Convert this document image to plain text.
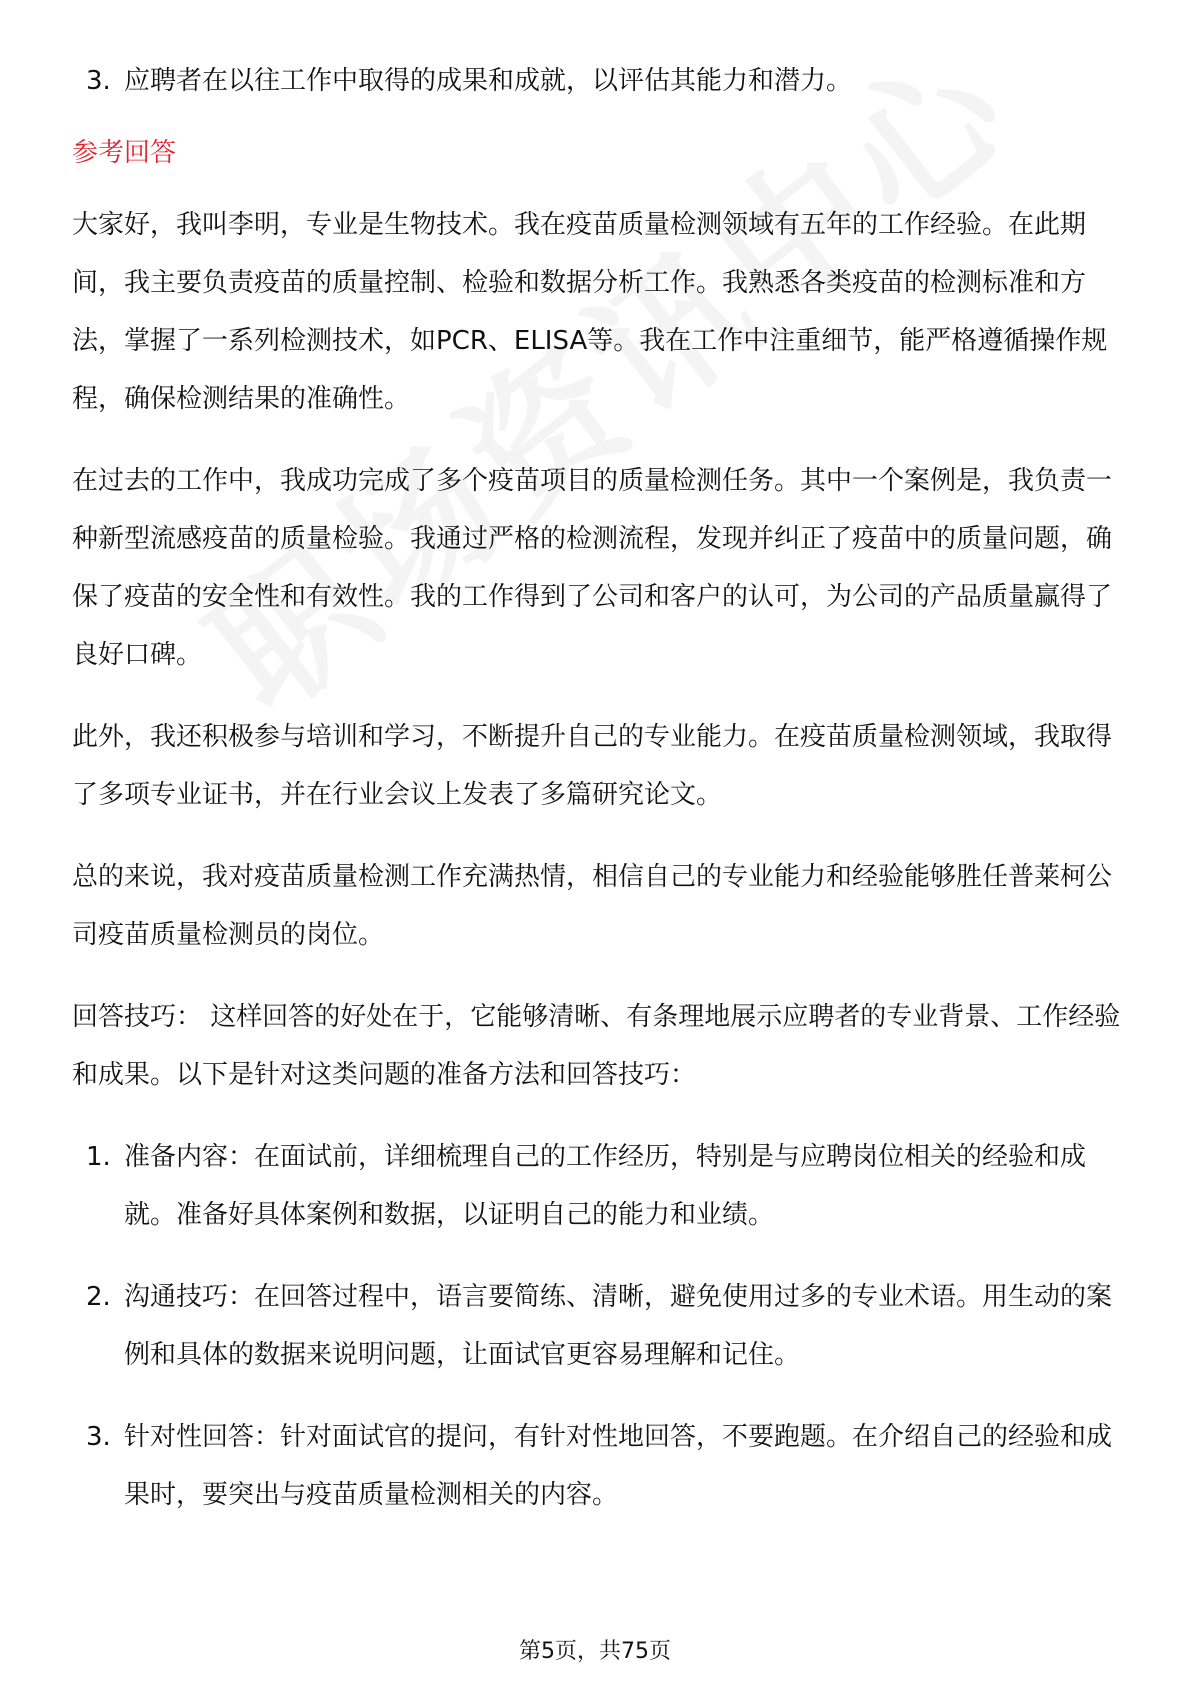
3. 应聘者在以往工作中取得的成果和成就，以评估其能力和潜力。

参考回答

大家好，我叫李明，专业是生物技术。我在疫苗质量检测领域有五年的工作经验。在此期间，我主要负责疫苗的质量控制、检验和数据分析工作。我熟悉各类疫苗的检测标准和方法，掌握了一系列检测技术，如PCR、ELISA等。我在工作中注重细节，能严格遵循操作规程，确保检测结果的准确性。

在过去的工作中，我成功完成了多个疫苗项目的质量检测任务。其中一个案例是，我负责一种新型流感疫苗的质量检验。我通过严格的检测流程，发现并纠正了疫苗中的质量问题，确保了疫苗的安全性和有效性。我的工作得到了公司和客户的认可，为公司的产品质量赢得了良好口碑。

此外，我还积极参与培训和学习，不断提升自己的专业能力。在疫苗质量检测领域，我取得了多项专业证书，并在行业会议上发表了多篇研究论文。

总的来说，我对疫苗质量检测工作充满热情，相信自己的专业能力和经验能够胜任普莱柯公司疫苗质量检测员的岗位。

回答技巧： 这样回答的好处在于，它能够清晰、有条理地展示应聘者的专业背景、工作经验和成果。以下是针对这类问题的准备方法和回答技巧：

1. 准备内容：在面试前，详细梳理自己的工作经历，特别是与应聘岗位相关的经验和成就。准备好具体案例和数据，以证明自己的能力和业绩。
2. 沟通技巧：在回答过程中，语言要简练、清晰，避免使用过多的专业术语。用生动的案例和具体的数据来说明问题，让面试官更容易理解和记住。
3. 针对性回答：针对面试官的提问，有针对性地回答，不要跑题。在介绍自己的经验和成果时，要突出与疫苗质量检测相关的内容。
第5页，共75页
